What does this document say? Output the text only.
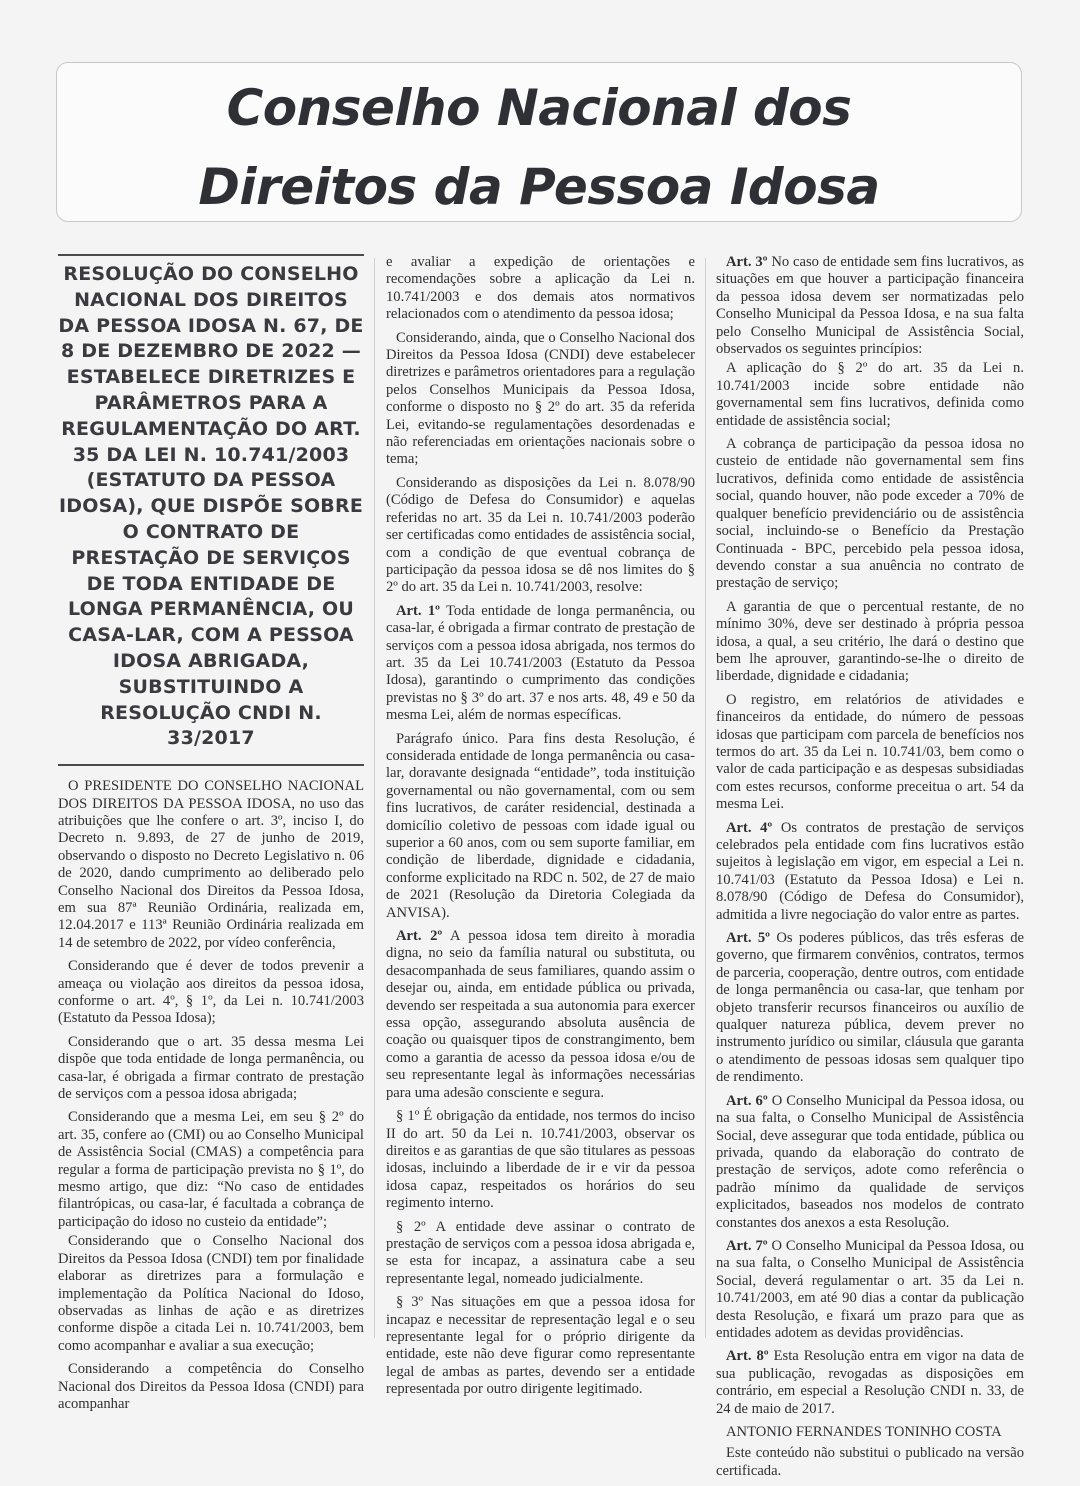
Conselho Nacional dos
Direitos da Pessoa Idosa

RESOLUÇÃO DO CONSELHO NACIONAL DOS DIREITOS DA PESSOA IDOSA N. 67, DE 8 DE DEZEMBRO DE 2022 — ESTABELECE DIRETRIZES E PARÂMETROS PARA A REGULAMENTAÇÃO DO ART. 35 DA LEI N. 10.741/2003 (ESTATUTO DA PESSOA IDOSA), QUE DISPÕE SOBRE O CONTRATO DE PRESTAÇÃO DE SERVIÇOS DE TODA ENTIDADE DE LONGA PERMANÊNCIA, OU CASA-LAR, COM A PESSOA IDOSA ABRIGADA, SUBSTITUINDO A RESOLUÇÃO CNDI N. 33/2017

O PRESIDENTE DO CONSELHO NACIONAL DOS DIREITOS DA PESSOA IDOSA, no uso das atribuições que lhe confere o art. 3º, inciso I, do Decreto n. 9.893, de 27 de junho de 2019, observando o disposto no Decreto Legislativo n. 06 de 2020, dando cumprimento ao deliberado pelo Conselho Nacional dos Direitos da Pessoa Idosa, em sua 87ª Reunião Ordinária, realizada em, 12.04.2017 e 113ª Reunião Ordinária realizada em 14 de setembro de 2022, por vídeo conferência,

Considerando que é dever de todos prevenir a ameaça ou violação aos direitos da pessoa idosa, conforme o art. 4º, § 1º, da Lei n. 10.741/2003 (Estatuto da Pessoa Idosa);

Considerando que o art. 35 dessa mesma Lei dispõe que toda entidade de longa permanência, ou casa-lar, é obrigada a firmar contrato de prestação de serviços com a pessoa idosa abrigada;

Considerando que a mesma Lei, em seu § 2º do art. 35, confere ao (CMI) ou ao Conselho Municipal de Assistência Social (CMAS) a competência para regular a forma de participação prevista no § 1º, do mesmo artigo, que diz: “No caso de entidades filantrópicas, ou casa-lar, é facultada a cobrança de participação do idoso no custeio da entidade”;

Considerando que o Conselho Nacional dos Direitos da Pessoa Idosa (CNDI) tem por finalidade elaborar as diretrizes para a formulação e implementação da Política Nacional do Idoso, observadas as linhas de ação e as diretrizes conforme dispõe a citada Lei n. 10.741/2003, bem como acompanhar e avaliar a sua execução;

Considerando a competência do Conselho Nacional dos Direitos da Pessoa Idosa (CNDI) para acompanhar

e avaliar a expedição de orientações e recomendações sobre a aplicação da Lei n. 10.741/2003 e dos demais atos normativos relacionados com o atendimento da pessoa idosa;

Considerando, ainda, que o Conselho Nacional dos Direitos da Pessoa Idosa (CNDI) deve estabelecer diretrizes e parâmetros orientadores para a regulação pelos Conselhos Municipais da Pessoa Idosa, conforme o disposto no § 2º do art. 35 da referida Lei, evitando-se regulamentações desordenadas e não referenciadas em orientações nacionais sobre o tema;

Considerando as disposições da Lei n. 8.078/90 (Código de Defesa do Consumidor) e aquelas referidas no art. 35 da Lei n. 10.741/2003 poderão ser certificadas como entidades de assistência social, com a condição de que eventual cobrança de participação da pessoa idosa se dê nos limites do § 2º do art. 35 da Lei n. 10.741/2003, resolve:

Art. 1º Toda entidade de longa permanência, ou casa-lar, é obrigada a firmar contrato de prestação de serviços com a pessoa idosa abrigada, nos termos do art. 35 da Lei 10.741/2003 (Estatuto da Pessoa Idosa), garantindo o cumprimento das condições previstas no § 3º do art. 37 e nos arts. 48, 49 e 50 da mesma Lei, além de normas específicas.

Parágrafo único. Para fins desta Resolução, é considerada entidade de longa permanência ou casa-lar, doravante designada “entidade”, toda instituição governamental ou não governamental, com ou sem fins lucrativos, de caráter residencial, destinada a domicílio coletivo de pessoas com idade igual ou superior a 60 anos, com ou sem suporte familiar, em condição de liberdade, dignidade e cidadania, conforme explicitado na RDC n. 502, de 27 de maio de 2021 (Resolução da Diretoria Colegiada da ANVISA).

Art. 2º A pessoa idosa tem direito à moradia digna, no seio da família natural ou substituta, ou desacompanhada de seus familiares, quando assim o desejar ou, ainda, em entidade pública ou privada, devendo ser respeitada a sua autonomia para exercer essa opção, assegurando absoluta ausência de coação ou quaisquer tipos de constrangimento, bem como a garantia de acesso da pessoa idosa e/ou de seu representante legal às informações necessárias para uma adesão consciente e segura.

§ 1º É obrigação da entidade, nos termos do inciso II do art. 50 da Lei n. 10.741/2003, observar os direitos e as garantias de que são titulares as pessoas idosas, incluindo a liberdade de ir e vir da pessoa idosa capaz, respeitados os horários do seu regimento interno.

§ 2º A entidade deve assinar o contrato de prestação de serviços com a pessoa idosa abrigada e, se esta for incapaz, a assinatura cabe a seu representante legal, nomeado judicialmente.

§ 3º Nas situações em que a pessoa idosa for incapaz e necessitar de representação legal e o seu representante legal for o próprio dirigente da entidade, este não deve figurar como representante legal de ambas as partes, devendo ser a entidade representada por outro dirigente legitimado.

Art. 3º No caso de entidade sem fins lucrativos, as situações em que houver a participação financeira da pessoa idosa devem ser normatizadas pelo Conselho Municipal da Pessoa Idosa, e na sua falta pelo Conselho Municipal de Assistência Social, observados os seguintes princípios:

A aplicação do § 2º do art. 35 da Lei n. 10.741/2003 incide sobre entidade não governamental sem fins lucrativos, definida como entidade de assistência social;

A cobrança de participação da pessoa idosa no custeio de entidade não governamental sem fins lucrativos, definida como entidade de assistência social, quando houver, não pode exceder a 70% de qualquer benefício previdenciário ou de assistência social, incluindo-se o Benefício da Prestação Continuada - BPC, percebido pela pessoa idosa, devendo constar a sua anuência no contrato de prestação de serviço;

A garantia de que o percentual restante, de no mínimo 30%, deve ser destinado à própria pessoa idosa, a qual, a seu critério, lhe dará o destino que bem lhe aprouver, garantindo-se-lhe o direito de liberdade, dignidade e cidadania;

O registro, em relatórios de atividades e financeiros da entidade, do número de pessoas idosas que participam com parcela de benefícios nos termos do art. 35 da Lei n. 10.741/03, bem como o valor de cada participação e as despesas subsidiadas com estes recursos, conforme preceitua o art. 54 da mesma Lei.

Art. 4º Os contratos de prestação de serviços celebrados pela entidade com fins lucrativos estão sujeitos à legislação em vigor, em especial a Lei n. 10.741/03 (Estatuto da Pessoa Idosa) e Lei n. 8.078/90 (Código de Defesa do Consumidor), admitida a livre negociação do valor entre as partes.

Art. 5º Os poderes públicos, das três esferas de governo, que firmarem convênios, contratos, termos de parceria, cooperação, dentre outros, com entidade de longa permanência ou casa-lar, que tenham por objeto transferir recursos financeiros ou auxílio de qualquer natureza pública, devem prever no instrumento jurídico ou similar, cláusula que garanta o atendimento de pessoas idosas sem qualquer tipo de rendimento.

Art. 6º O Conselho Municipal da Pessoa idosa, ou na sua falta, o Conselho Municipal de Assistência Social, deve assegurar que toda entidade, pública ou privada, quando da elaboração do contrato de prestação de serviços, adote como referência o padrão mínimo da qualidade de serviços explicitados, baseados nos modelos de contrato constantes dos anexos a esta Resolução.

Art. 7º O Conselho Municipal da Pessoa Idosa, ou na sua falta, o Conselho Municipal de Assistência Social, deverá regulamentar o art. 35 da Lei n. 10.741/2003, em até 90 dias a contar da publicação desta Resolução, e fixará um prazo para que as entidades adotem as devidas providências.

Art. 8º Esta Resolução entra em vigor na data de sua publicação, revogadas as disposições em contrário, em especial a Resolução CNDI n. 33, de 24 de maio de 2017.

ANTONIO FERNANDES TONINHO COSTA

Este conteúdo não substitui o publicado na versão certificada.
